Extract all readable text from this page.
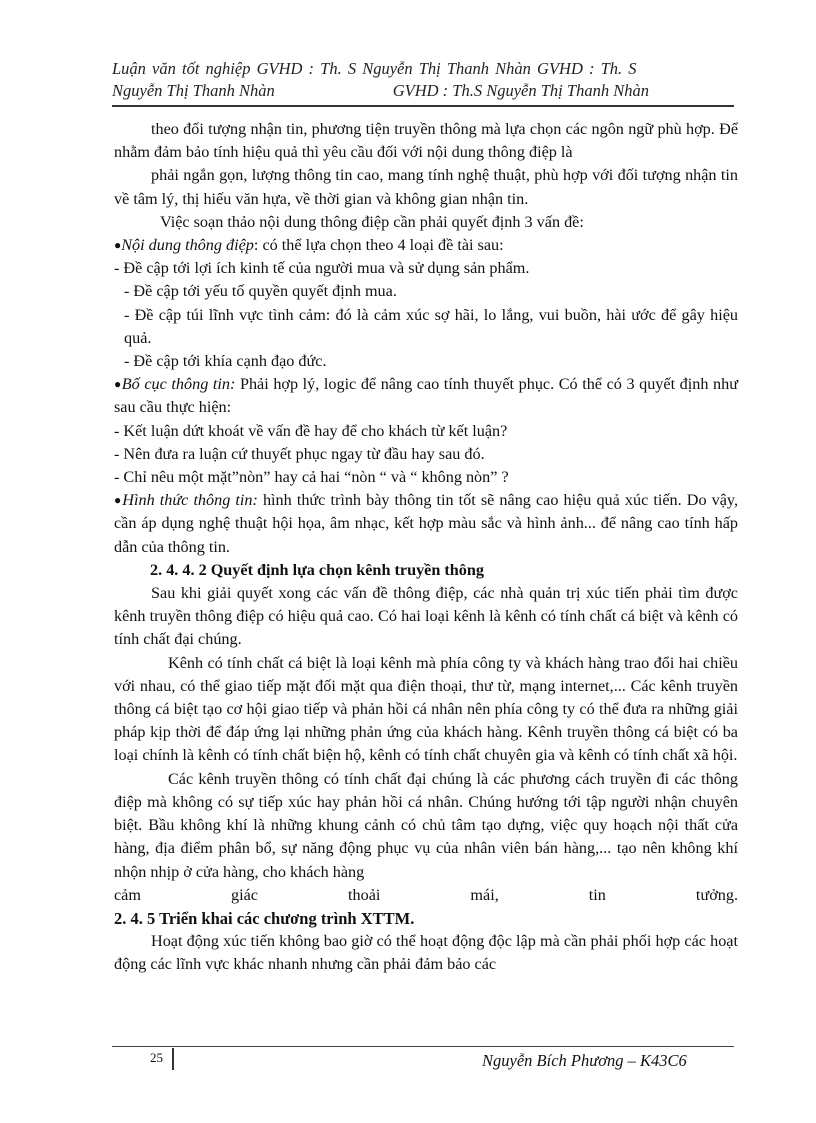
Luận văn tốt nghiệp GVHD : Th. S Nguyễn Thị Thanh Nhàn GVHD : Th. S
Nguyễn Thị Thanh Nhàn	GVHD : Th.S Nguyễn Thị Thanh Nhàn

theo đối tượng nhận tin, phương tiện truyền thông mà lựa chọn các ngôn ngữ phù hợp. Để nhằm đảm bảo tính hiệu quả thì yêu cầu đối với nội dung thông điệp là

phải ngắn gọn, lượng thông tin cao, mang tính nghệ thuật, phù hợp với đối tượng nhận tin về tâm lý, thị hiếu văn hựa, về thời gian và không gian nhận tin.

Việc soạn thảo nội dung thông điệp cần phải quyết định 3 vấn đề:

●Nội dung thông điệp: có thể lựa chọn theo 4 loại đề tài sau:

- Đề cập tới lợi ích kinh tế của người mua và sử dụng sản phẩm.

- Đề cập tới yếu tố quyền quyết định mua.

- Đề cập túi lĩnh vực tình cảm: đó là cảm xúc sợ hãi, lo lắng, vui buồn, hài ước để gây hiệu quả.

- Đề cập tới khía cạnh đạo đức.

●Bố cục thông tin: Phải hợp lý, logic để nâng cao tính thuyết phục. Có thể có 3 quyết định như sau cầu thực hiện:

- Kết luận dứt khoát về vấn đề hay để cho khách từ kết luận?

- Nên đưa ra luận cứ thuyết phục ngay từ đầu hay sau đó.

- Chỉ nêu một mặt”nòn” hay cả hai “nòn “ và “ không nòn” ?

●Hình thức thông tin: hình thức trình bày thông tin tốt sẽ nâng cao hiệu quả xúc tiến. Do vậy, cần áp dụng nghệ thuật hội họa, âm nhạc, kết hợp màu sắc và hình ảnh... để nâng cao tính hấp dẫn của thông tin.

2. 4. 4. 2 Quyết định lựa chọn kênh truyền thông

Sau khi giải quyết xong các vấn đề thông điệp, các nhà quản trị xúc tiến phải tìm được kênh truyền thông điệp có hiệu quả cao. Có hai loại kênh là kênh có tính chất cá biệt và kênh có tính chất đại chúng.

Kênh có tính chất cá biệt là loại kênh mà phía công ty và khách hàng trao đổi hai chiều với nhau, có thể giao tiếp mặt đối mặt qua điện thoại, thư từ, mạng internet,... Các kênh truyền thông cá biệt tạo cơ hội giao tiếp và phản hồi cá nhân nên phía công ty có thể đưa ra những giải pháp kịp thời để đáp ứng lại những phản ứng của khách hàng. Kênh truyền thông cá biệt có ba loại chính là kênh có tính chất biện hộ, kênh có tính chất chuyên gia và kênh có tính chất xã hội.

Các kênh truyền thông có tính chất đại chúng là các phương cách truyền đi các thông điệp mà không có sự tiếp xúc hay phản hồi cá nhân. Chúng hướng tới tập người nhận chuyên biệt. Bầu không khí là những khung cảnh có chủ tâm tạo dựng, việc quy hoạch nội thất cửa hàng, địa điểm phân bổ, sự năng động phục vụ của nhân viên bán hàng,... tạo nên không khí nhộn nhịp ở cửa hàng, cho khách hàng

cảm giác thoải mái, tin tưởng.

2. 4. 5 Triển khai các chương trình XTTM.

Hoạt động xúc tiến không bao giờ có thể hoạt động độc lập mà cần phải phối hợp các hoạt động các lĩnh vực khác nhanh nhưng cần phải đảm bảo các

25	Nguyễn Bích Phương – K43C6
